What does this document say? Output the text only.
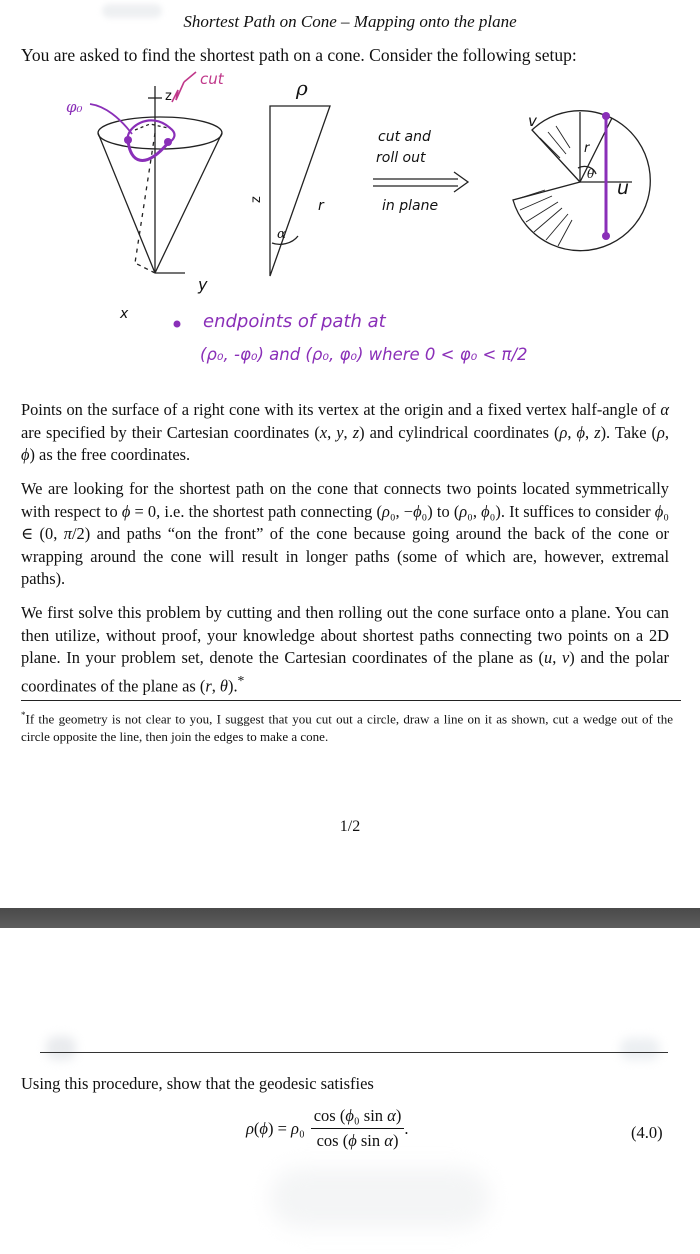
Shortest Path on Cone – Mapping onto the plane
You are asked to find the shortest path on a cone. Consider the following setup:
cut
φ₀
z
x
y
ρ
z	r
α
cut and
roll out
in plane
v
u
θ
r
endpoints of path at
(ρ₀, -φ₀) and (ρ₀, φ₀) where 0 < φ₀ < π/2
Points on the surface of a right cone with its vertex at the origin and a fixed vertex half-angle of α are specified by their Cartesian coordinates (x, y, z) and cylindrical coordinates (ρ, ϕ, z). Take (ρ, ϕ) as the free coordinates.
We are looking for the shortest path on the cone that connects two points located symmetrically with respect to ϕ = 0, i.e. the shortest path connecting (ρ₀, −ϕ₀) to (ρ₀, ϕ₀). It suffices to consider ϕ₀ ∈ (0, π/2) and paths “on the front” of the cone because going around the back of the cone or wrapping around the cone will result in longer paths (some of which are, however, extremal paths).
We first solve this problem by cutting and then rolling out the cone surface onto a plane. You can then utilize, without proof, your knowledge about shortest paths connecting two points on a 2D plane. In your problem set, denote the Cartesian coordinates of the plane as (u, v) and the polar coordinates of the plane as (r, θ).*
*If the geometry is not clear to you, I suggest that you cut out a circle, draw a line on it as shown, cut a wedge out of the circle opposite the line, then join the edges to make a cone.
1/2
Using this procedure, show that the geodesic satisfies
$\rho(\phi) = \rho_0 \frac{\text{cos (ϕ₀ sin α)}}{\text{cos (ϕ sin α)}}$ .	(4.0)
